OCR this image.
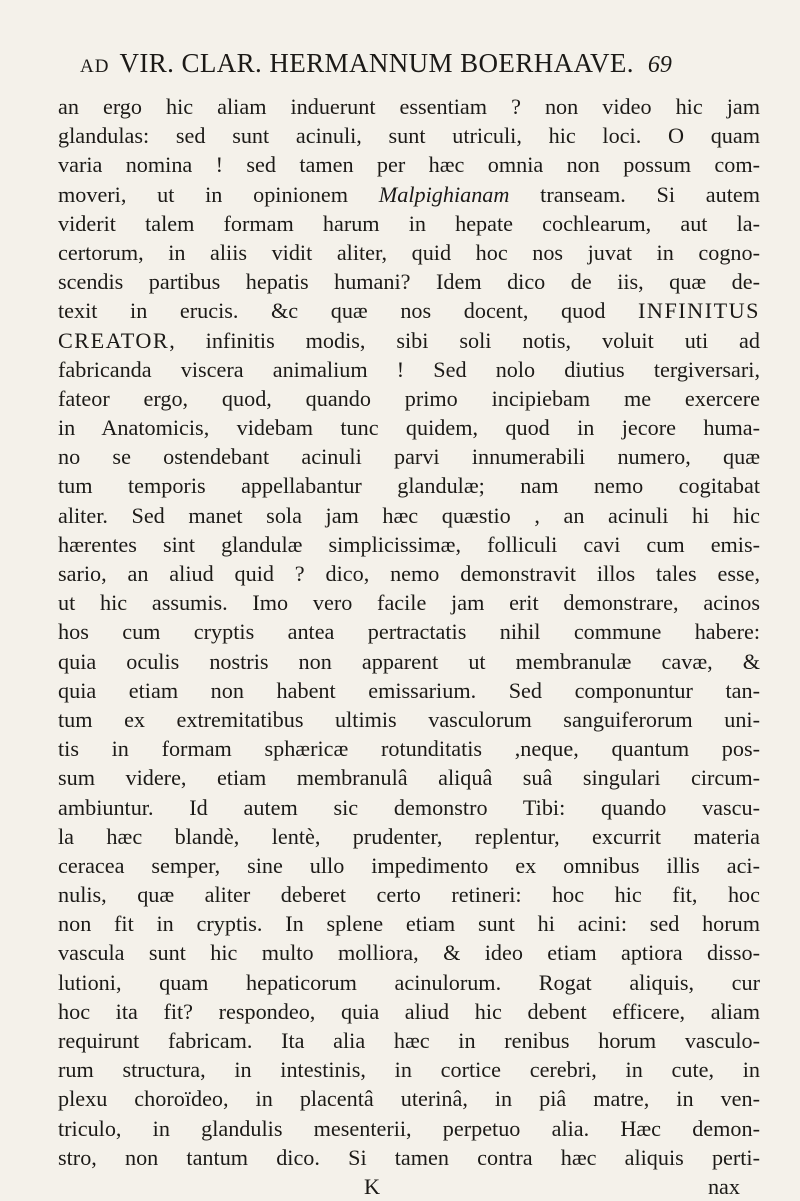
AD VIR. CLAR. HERMANNUM BOERHAAVE. 69
an ergo hic aliam induerunt essentiam ? non video hic jam
glandulas: sed sunt acinuli, sunt utriculi, hic loci. O quam
varia nomina ! sed tamen per hæc omnia non possum com-
moveri, ut in opinionem Malpighianam transeam. Si autem
viderit talem formam harum in hepate cochlearum, aut la-
certorum, in aliis vidit aliter, quid hoc nos juvat in cogno-
scendis partibus hepatis humani? Idem dico de iis, quæ de-
texit in erucis. &c quæ nos docent, quod INFINITUS
CREATOR, infinitis modis, sibi soli notis, voluit uti ad
fabricanda viscera animalium ! Sed nolo diutius tergiversari,
fateor ergo, quod, quando primo incipiebam me exercere
in Anatomicis, videbam tunc quidem, quod in jecore huma-
no se ostendebant acinuli parvi innumerabili numero, quæ
tum temporis appellabantur glandulæ; nam nemo cogitabat
aliter. Sed manet sola jam hæc quæstio , an acinuli hi hic
hærentes sint glandulæ simplicissimæ, folliculi cavi cum emis-
sario, an aliud quid ? dico, nemo demonstravit illos tales esse,
ut hic assumis. Imo vero facile jam erit demonstrare, acinos
hos cum cryptis antea pertractatis nihil commune habere:
quia oculis nostris non apparent ut membranulæ cavæ, &
quia etiam non habent emissarium. Sed componuntur tan-
tum ex extremitatibus ultimis vasculorum sanguiferorum uni-
tis in formam sphæricæ rotunditatis ,neque, quantum pos-
sum videre, etiam membranulâ aliquâ suâ singulari circum-
ambiuntur. Id autem sic demonstro Tibi: quando vascu-
la hæc blandè, lentè, prudenter, replentur, excurrit materia
ceracea semper, sine ullo impedimento ex omnibus illis aci-
nulis, quæ aliter deberet certo retineri: hoc hic fit, hoc
non fit in cryptis. In splene etiam sunt hi acini: sed horum
vascula sunt hic multo molliora, & ideo etiam aptiora disso-
lutioni, quam hepaticorum acinulorum. Rogat aliquis, cur
hoc ita fit? respondeo, quia aliud hic debent efficere, aliam
requirunt fabricam. Ita alia hæc in renibus horum vasculo-
rum structura, in intestinis, in cortice cerebri, in cute, in
plexu choroïdeo, in placentâ uterinâ, in piâ matre, in ven-
triculo, in glandulis mesenterii, perpetuo alia. Hæc demon-
stro, non tantum dico. Si tamen contra hæc aliquis perti-
K	nax
